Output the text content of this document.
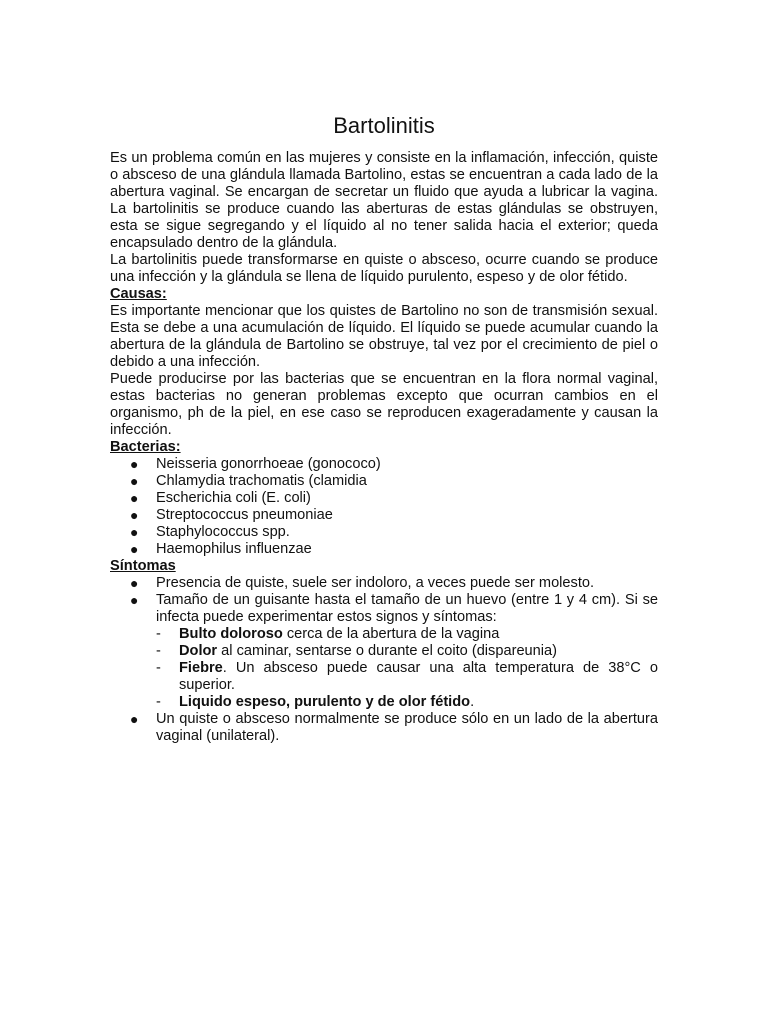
Bartolinitis

Es un problema común en las mujeres y consiste en la inflamación, infección, quiste o absceso de una glándula llamada Bartolino, estas se encuentran a cada lado de la abertura vaginal. Se encargan de secretar un fluido que ayuda a lubricar la vagina. La bartolinitis se produce cuando las aberturas de estas glándulas se obstruyen, esta se sigue segregando y el líquido al no tener salida hacia el exterior; queda encapsulado dentro de la glándula.

La bartolinitis puede transformarse en quiste o absceso, ocurre cuando se produce una infección y la glándula se llena de líquido purulento, espeso y de olor fétido.

Causas:

Es importante mencionar que los quistes de Bartolino no son de transmisión sexual. Esta se debe a una acumulación de líquido. El líquido se puede acumular cuando la abertura de la glándula de Bartolino se obstruye, tal vez por el crecimiento de piel o debido a una infección.

Puede producirse por las bacterias que se encuentran en la flora normal vaginal, estas bacterias no generan problemas excepto que ocurran cambios en el organismo, ph de la piel, en ese caso se reproducen exageradamente y causan la infección.

Bacterias:
● Neisseria gonorrhoeae (gonococo)
● Chlamydia trachomatis (clamidia
● Escherichia coli (E. coli)
● Streptococcus pneumoniae
● Staphylococcus spp.
● Haemophilus influenzae
Síntomas
● Presencia de quiste, suele ser indoloro, a veces puede ser molesto.
● Tamaño de un guisante hasta el tamaño de un huevo (entre 1 y 4 cm). Si se infecta puede experimentar estos signos y síntomas:
- Bulto doloroso cerca de la abertura de la vagina
- Dolor al caminar, sentarse o durante el coito (dispareunia)
- Fiebre. Un absceso puede causar una alta temperatura de 38°C o superior.
- Liquido espeso, purulento y de olor fétido.
● Un quiste o absceso normalmente se produce sólo en un lado de la abertura vaginal (unilateral).
